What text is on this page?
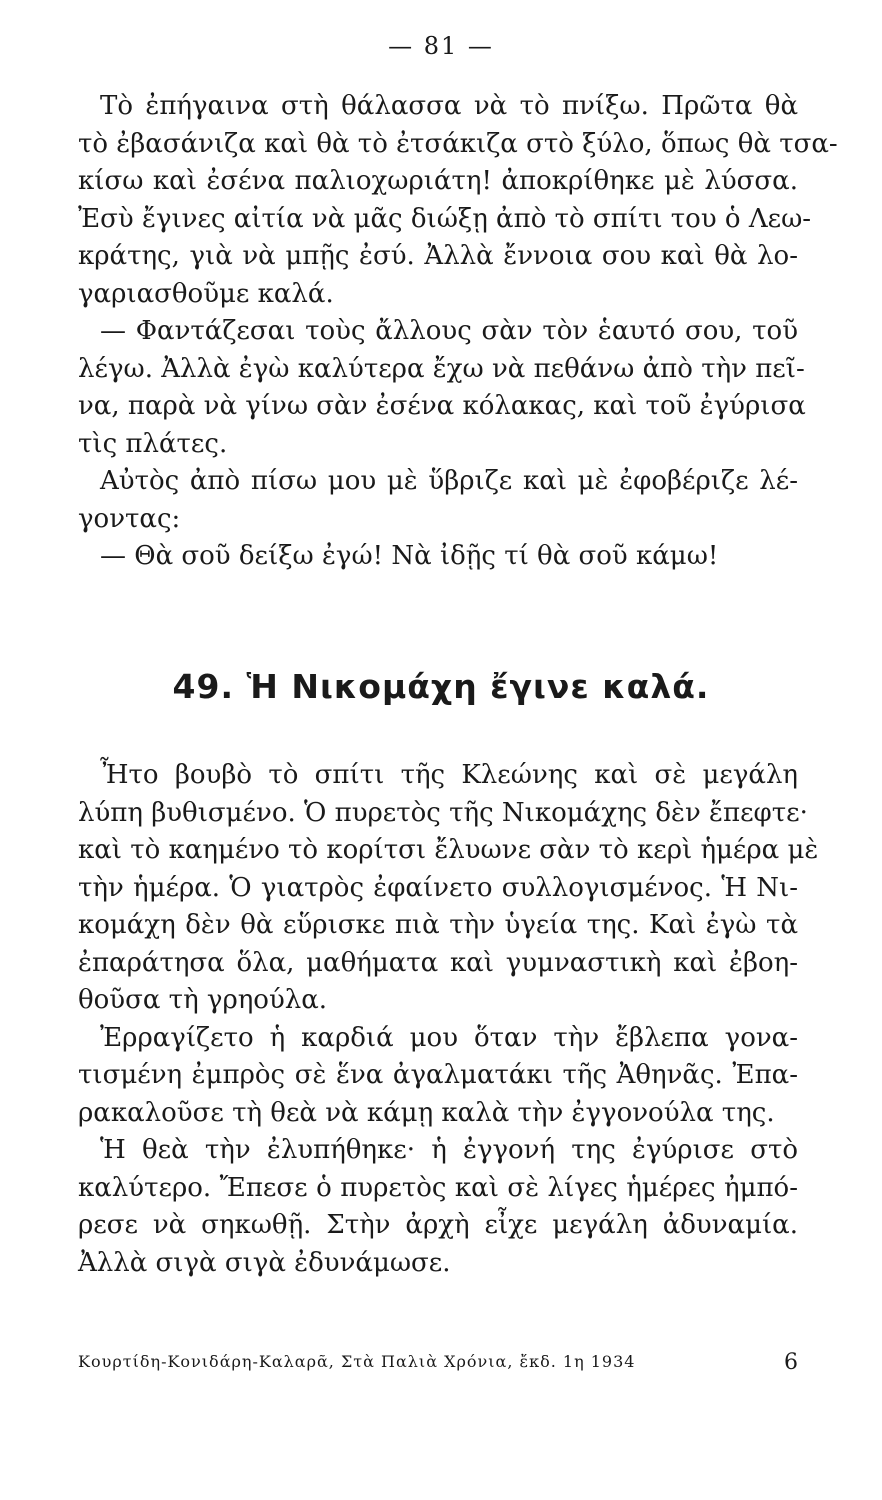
— 81 —
Τὸ ἐπήγαινα στὴ θάλασσα νὰ τὸ πνίξω. Πρῶτα θὰ
τὸ ἐβασάνιζα καὶ θὰ τὸ ἐτσάκιζα στὸ ξύλο, ὅπως θὰ τσα-
κίσω καὶ ἐσένα παλιοχωριάτη! ἀποκρίθηκε μὲ λύσσα.
Ἐσὺ ἔγινες αἰτία νὰ μᾶς διώξῃ ἀπὸ τὸ σπίτι του ὁ Λεω-
κράτης, γιὰ νὰ μπῇς ἐσύ. Ἀλλὰ ἔννοια σου καὶ θὰ λο-
γαριασθοῦμε καλά.
— Φαντάζεσαι τοὺς ἄλλους σὰν τὸν ἑαυτό σου, τοῦ
λέγω. Ἀλλὰ ἐγὼ καλύτερα ἔχω νὰ πεθάνω ἀπὸ τὴν πεῖ-
να, παρὰ νὰ γίνω σὰν ἐσένα κόλακας, καὶ τοῦ ἐγύρισα
τὶς πλάτες.
Αὐτὸς ἀπὸ πίσω μου μὲ ὕβριζε καὶ μὲ ἐφοβέριζε λέ-
γοντας:
— Θὰ σοῦ δείξω ἐγώ! Νὰ ἰδῇς τί θὰ σοῦ κάμω!
49. Ἡ Νικομάχη ἔγινε καλά.
Ἦτο βουβὸ τὸ σπίτι τῆς Κλεώνης καὶ σὲ μεγάλη
λύπη βυθισμένο. Ὁ πυρετὸς τῆς Νικομάχης δὲν ἔπεφτε·
καὶ τὸ καημένο τὸ κορίτσι ἔλυωνε σὰν τὸ κερὶ ἡμέρα μὲ
τὴν ἡμέρα. Ὁ γιατρὸς ἐφαίνετο συλλογισμένος. Ἡ Νι-
κομάχη δὲν θὰ εὕρισκε πιὰ τὴν ὑγεία της. Καὶ ἐγὼ τὰ
ἐπαράτησα ὅλα, μαθήματα καὶ γυμναστικὴ καὶ ἐβοη-
θοῦσα τὴ γρηούλα.
Ἐρραγίζετο ἡ καρδιά μου ὅταν τὴν ἔβλεπα γονα-
τισμένη ἐμπρὸς σὲ ἕνα ἀγαλματάκι τῆς Ἀθηνᾶς. Ἐπα-
ρακαλοῦσε τὴ θεὰ νὰ κάμῃ καλὰ τὴν ἐγγονούλα της.
Ἡ θεὰ τὴν ἐλυπήθηκε· ἡ ἐγγονή της ἐγύρισε στὸ
καλύτερο. Ἔπεσε ὁ πυρετὸς καὶ σὲ λίγες ἡμέρες ἠμπό-
ρεσε νὰ σηκωθῇ. Στὴν ἀρχὴ εἶχε μεγάλη ἀδυναμία.
Ἀλλὰ σιγὰ σιγὰ ἐδυνάμωσε.
Κουρτίδη-Κονιδάρη-Καλαρᾶ, Στὰ Παλιὰ Χρόνια, ἔκδ. 1η 1934	6
